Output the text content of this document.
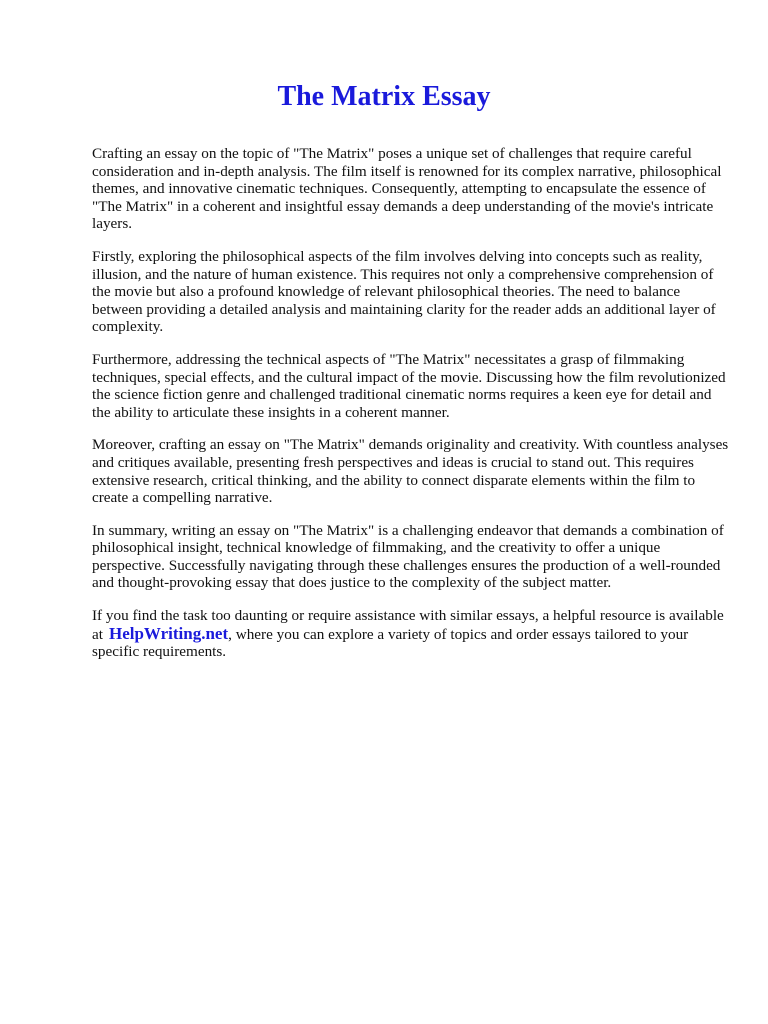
The Matrix Essay

Crafting an essay on the topic of "The Matrix" poses a unique set of challenges that require careful consideration and in-depth analysis. The film itself is renowned for its complex narrative, philosophical themes, and innovative cinematic techniques. Consequently, attempting to encapsulate the essence of "The Matrix" in a coherent and insightful essay demands a deep understanding of the movie's intricate layers.

Firstly, exploring the philosophical aspects of the film involves delving into concepts such as reality, illusion, and the nature of human existence. This requires not only a comprehensive comprehension of the movie but also a profound knowledge of relevant philosophical theories. The need to balance between providing a detailed analysis and maintaining clarity for the reader adds an additional layer of complexity.

Furthermore, addressing the technical aspects of "The Matrix" necessitates a grasp of filmmaking techniques, special effects, and the cultural impact of the movie. Discussing how the film revolutionized the science fiction genre and challenged traditional cinematic norms requires a keen eye for detail and the ability to articulate these insights in a coherent manner.

Moreover, crafting an essay on "The Matrix" demands originality and creativity. With countless analyses and critiques available, presenting fresh perspectives and ideas is crucial to stand out. This requires extensive research, critical thinking, and the ability to connect disparate elements within the film to create a compelling narrative.

In summary, writing an essay on "The Matrix" is a challenging endeavor that demands a combination of philosophical insight, technical knowledge of filmmaking, and the creativity to offer a unique perspective. Successfully navigating through these challenges ensures the production of a well-rounded and thought-provoking essay that does justice to the complexity of the subject matter.

If you find the task too daunting or require assistance with similar essays, a helpful resource is available at HelpWriting.net, where you can explore a variety of topics and order essays tailored to your specific requirements.
